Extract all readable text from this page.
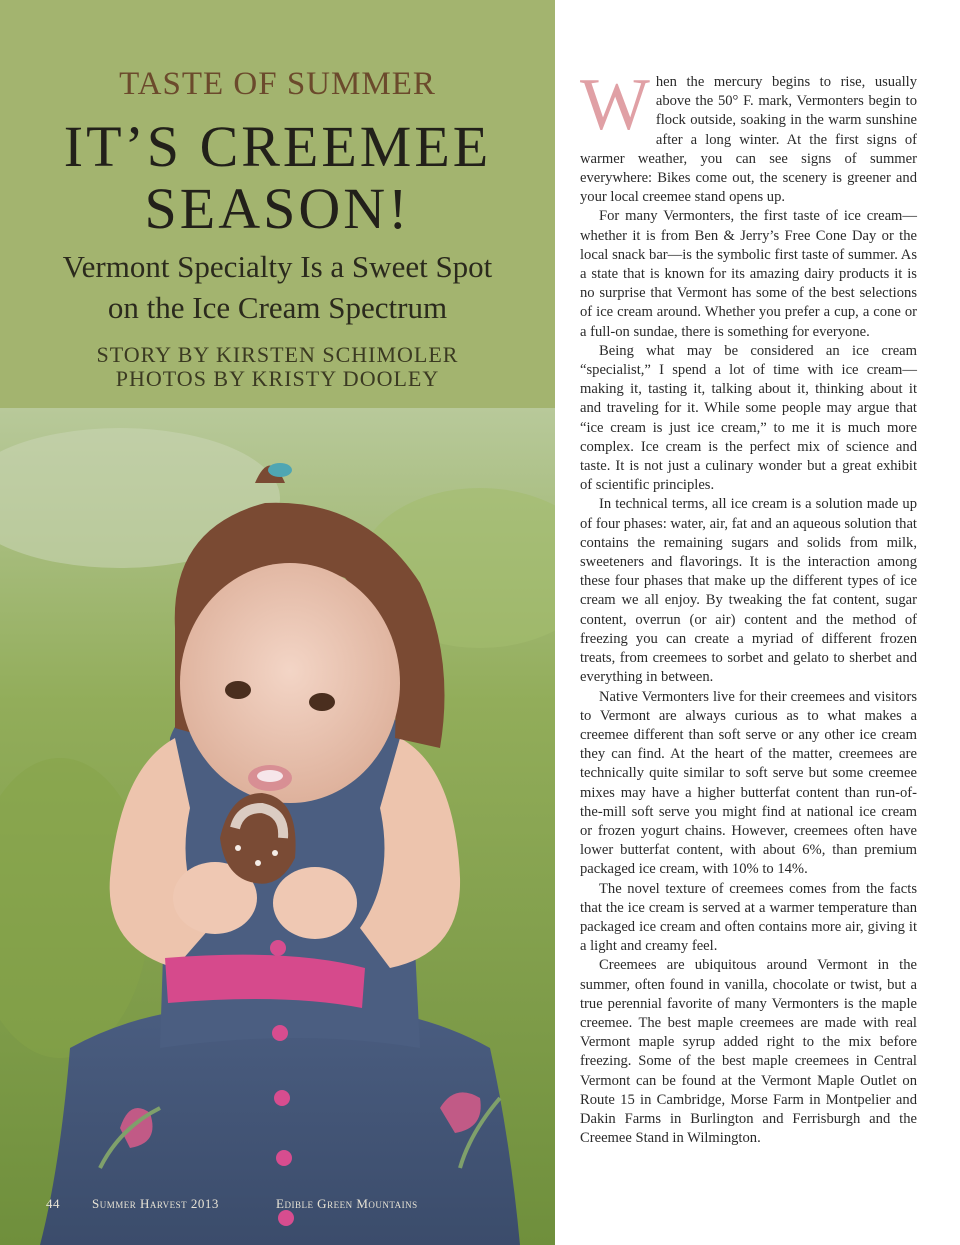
TASTE OF SUMMER
IT’S CREEMEE
SEASON!
Vermont Specialty Is a Sweet Spot
on the Ice Cream Spectrum
STORY BY KIRSTEN SCHIMOLER
PHOTOS BY KRISTY DOOLEY
44 Summer Harvest 2013	Edible Green Mountains

When the mercury begins to rise, usually above the 50° F. mark, Vermonters begin to flock outside, soaking in the warm sunshine after a long winter. At the first signs of warmer weather, you can see signs of summer everywhere: Bikes come out, the scenery is greener and your local creemee stand opens up.

For many Vermonters, the first taste of ice cream—whether it is from Ben & Jerry’s Free Cone Day or the local snack bar—is the symbolic first taste of summer. As a state that is known for its amazing dairy products it is no surprise that Vermont has some of the best selections of ice cream around. Whether you prefer a cup, a cone or a full-on sundae, there is something for everyone.

Being what may be considered an ice cream “specialist,” I spend a lot of time with ice cream—making it, tasting it, talking about it, thinking about it and traveling for it. While some people may argue that “ice cream is just ice cream,” to me it is much more complex. Ice cream is the perfect mix of science and taste. It is not just a culinary wonder but a great exhibit of scientific principles.

In technical terms, all ice cream is a solution made up of four phases: water, air, fat and an aqueous solution that contains the remaining sugars and solids from milk, sweeteners and flavorings. It is the interaction among these four phases that make up the different types of ice cream we all enjoy. By tweaking the fat content, sugar content, overrun (or air) content and the method of freezing you can create a myriad of different frozen treats, from creemees to sorbet and gelato to sherbet and everything in between.

Native Vermonters live for their creemees and visitors to Vermont are always curious as to what makes a creemee different than soft serve or any other ice cream they can find. At the heart of the matter, creemees are technically quite similar to soft serve but some creemee mixes may have a higher butterfat content than run-of-the-mill soft serve you might find at national ice cream or frozen yogurt chains. However, creemees often have lower butterfat content, with about 6%, than premium packaged ice cream, with 10% to 14%.

The novel texture of creemees comes from the facts that the ice cream is served at a warmer temperature than packaged ice cream and often contains more air, giving it a light and creamy feel.

Creemees are ubiquitous around Vermont in the summer, often found in vanilla, chocolate or twist, but a true perennial favorite of many Vermonters is the maple creemee. The best maple creemees are made with real Vermont maple syrup added right to the mix before freezing. Some of the best maple creemees in Central Vermont can be found at the Vermont Maple Outlet on Route 15 in Cambridge, Morse Farm in Montpelier and Dakin Farms in Burlington and Ferrisburgh and the Creemee Stand in Wilmington.
